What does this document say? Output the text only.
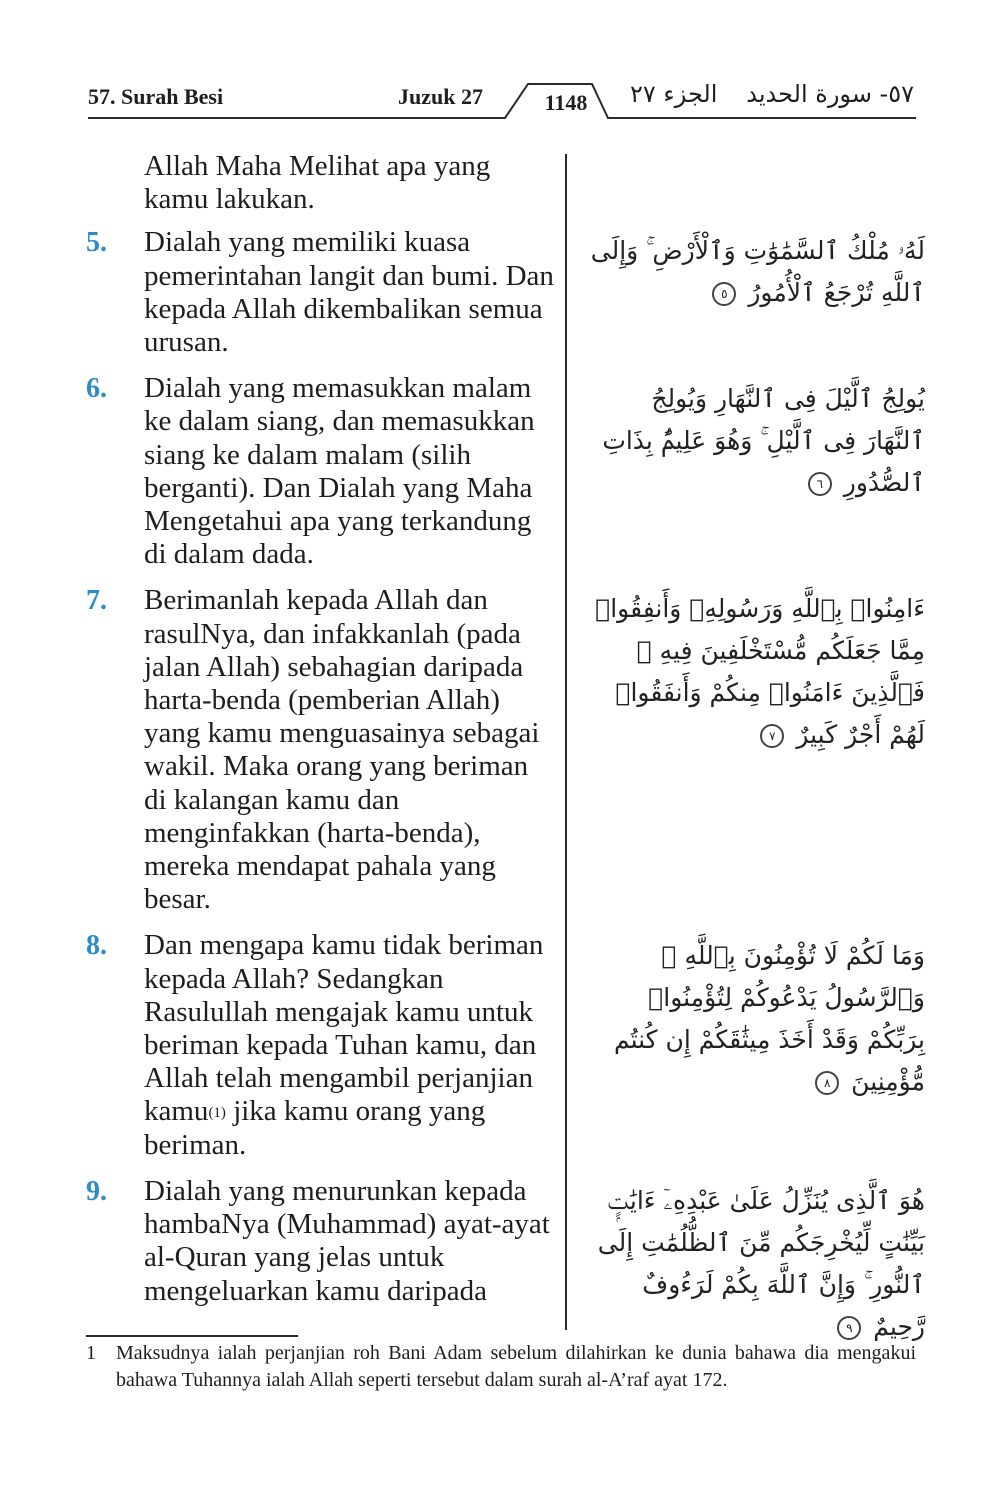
57. Surah Besi	Juzuk 27	1148	الجزء ٢٧ ٥٧- سورة الحديد

Allah Maha Melihat apa yang kamu lakukan.

5. Dialah yang memiliki kuasa pemerintahan langit dan bumi. Dan kepada Allah dikembalikan semua urusan.

6. Dialah yang memasukkan malam ke dalam siang, dan memasukkan siang ke dalam malam (silih berganti). Dan Dialah yang Maha Mengetahui apa yang terkandung di dalam dada.

7. Berimanlah kepada Allah dan rasulNya, dan infakkanlah (pada jalan Allah) sebahagian daripada harta-benda (pemberian Allah) yang kamu menguasainya sebagai wakil. Maka orang yang beriman di kalangan kamu dan menginfakkan (harta-benda), mereka mendapat pahala yang besar.

8. Dan mengapa kamu tidak beriman kepada Allah? Sedangkan Rasulullah mengajak kamu untuk beriman kepada Tuhan kamu, dan Allah telah mengambil perjanjian kamu$^{(1)}$ jika kamu orang yang beriman.

9. Dialah yang menurunkan kepada hambaNya (Muhammad) ayat-ayat al-Quran yang jelas untuk mengeluarkan kamu daripada

لَهُۥ مُلْكُ ٱلسَّمَٰوَٰتِ وَٱلْأَرْضِ ۚ وَإِلَى ٱللَّهِ تُرْجَعُ ٱلْأُمُورُ ٥
يُولِجُ ٱلَّيْلَ فِى ٱلنَّهَارِ وَيُولِجُ ٱلنَّهَارَ فِى ٱلَّيْلِ ۚ وَهُوَ عَلِيمٌۢ بِذَاتِ ٱلصُّدُورِ ٦
ءَامِنُوا۟ بِٱللَّهِ وَرَسُولِهِۦ وَأَنفِقُوا۟ مِمَّا جَعَلَكُم مُّسْتَخْلَفِينَ فِيهِ ۖ فَٱلَّذِينَ ءَامَنُوا۟ مِنكُمْ وَأَنفَقُوا۟ لَهُمْ أَجْرٌ كَبِيرٌ ٧
وَمَا لَكُمْ لَا تُؤْمِنُونَ بِٱللَّهِ ۙ وَٱلرَّسُولُ يَدْعُوكُمْ لِتُؤْمِنُوا۟ بِرَبِّكُمْ وَقَدْ أَخَذَ مِيثَٰقَكُمْ إِن كُنتُم مُّؤْمِنِينَ ٨
هُوَ ٱلَّذِى يُنَزِّلُ عَلَىٰ عَبْدِهِۦٓ ءَايَٰتٍۭ بَيِّنَٰتٍ لِّيُخْرِجَكُم مِّنَ ٱلظُّلُمَٰتِ إِلَى ٱلنُّورِ ۚ وَإِنَّ ٱللَّهَ بِكُمْ لَرَءُوفٌ رَّحِيمٌ ٩
1 Maksudnya ialah perjanjian roh Bani Adam sebelum dilahirkan ke dunia bahawa dia mengakui bahawa Tuhannya ialah Allah seperti tersebut dalam surah al-A’raf ayat 172.
